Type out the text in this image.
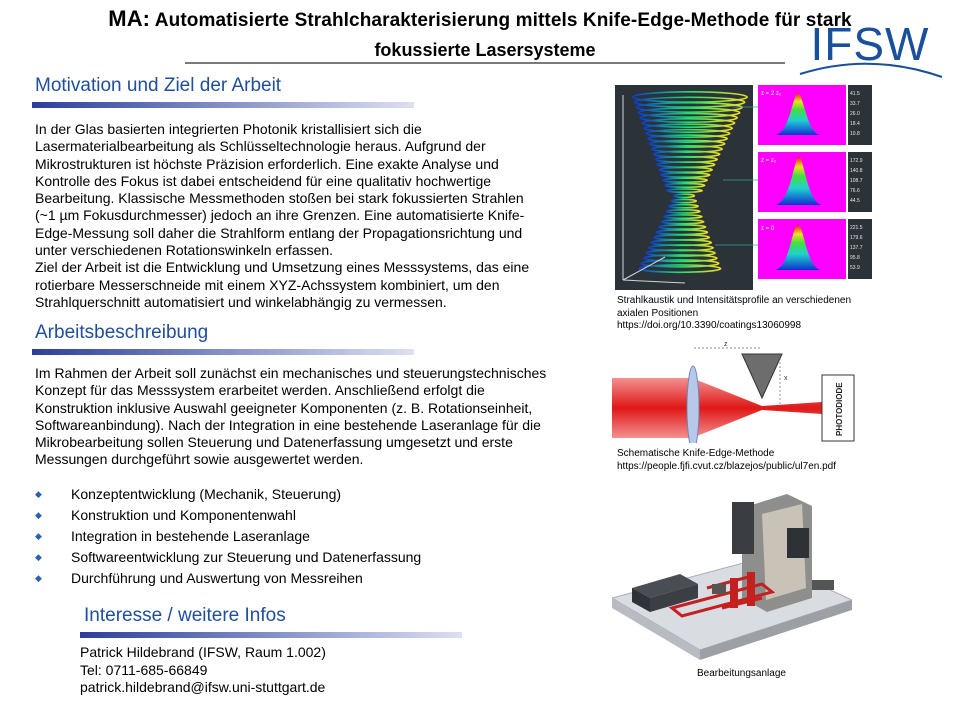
MA: Automatisierte Strahlcharakterisierung mittels Knife-Edge-Methode für stark
fokussierte Lasersysteme	IFSW
Motivation und Ziel der Arbeit
In der Glas basierten integrierten Photonik kristallisiert sich die
Lasermaterialbearbeitung als Schlüsseltechnologie heraus. Aufgrund der
Mikrostrukturen ist höchste Präzision erforderlich. Eine exakte Analyse und
Kontrolle des Fokus ist dabei entscheidend für eine qualitativ hochwertige
Bearbeitung. Klassische Messmethoden stoßen bei stark fokussierten Strahlen
(~1 µm Fokusdurchmesser) jedoch an ihre Grenzen. Eine automatisierte Knife-
Edge-Messung soll daher die Strahlform entlang der Propagationsrichtung und
unter verschiedenen Rotationswinkeln erfassen.
Ziel der Arbeit ist die Entwicklung und Umsetzung eines Messsystems, das eine
rotierbare Messerschneide mit einem XYZ-Achssystem kombiniert, um den
Strahlquerschnitt automatisiert und winkelabhängig zu vermessen.
Arbeitsbeschreibung
Im Rahmen der Arbeit soll zunächst ein mechanisches und steuerungstechnisches
Konzept für das Messsystem erarbeitet werden. Anschließend erfolgt die
Konstruktion inklusive Auswahl geeigneter Komponenten (z. B. Rotationseinheit,
Softwareanbindung). Nach der Integration in eine bestehende Laseranlage für die
Mikrobearbeitung sollen Steuerung und Datenerfassung umgesetzt und erste
Messungen durchgeführt sowie ausgewertet werden.
◆ Konzeptentwicklung (Mechanik, Steuerung)
◆ Konstruktion und Komponentenwahl
◆ Integration in bestehende Laseranlage
◆ Softwareentwicklung zur Steuerung und Datenerfassung
◆ Durchführung und Auswertung von Messreihen
Interesse / weitere Infos
Patrick Hildebrand (IFSW, Raum 1.002)
Tel: 0711-685-66849
patrick.hildebrand@ifsw.uni-stuttgart.de
z = 2 z₀	41.5
33.7
26.0
18.4
10.8
z = z₀	172.9
140.8
108.7
76.6
44.5
z = 0	221.5
179.6
137.7
95.8
53.9
Strahlkaustik und Intensitätsprofile an verschiedenen
axialen Positionen
https://doi.org/10.3390/coatings13060998
z
x
PHOTODIODE
Schematische Knife-Edge-Methode
https://people.fjfi.cvut.cz/blazejos/public/ul7en.pdf
Bearbeitungsanlage
